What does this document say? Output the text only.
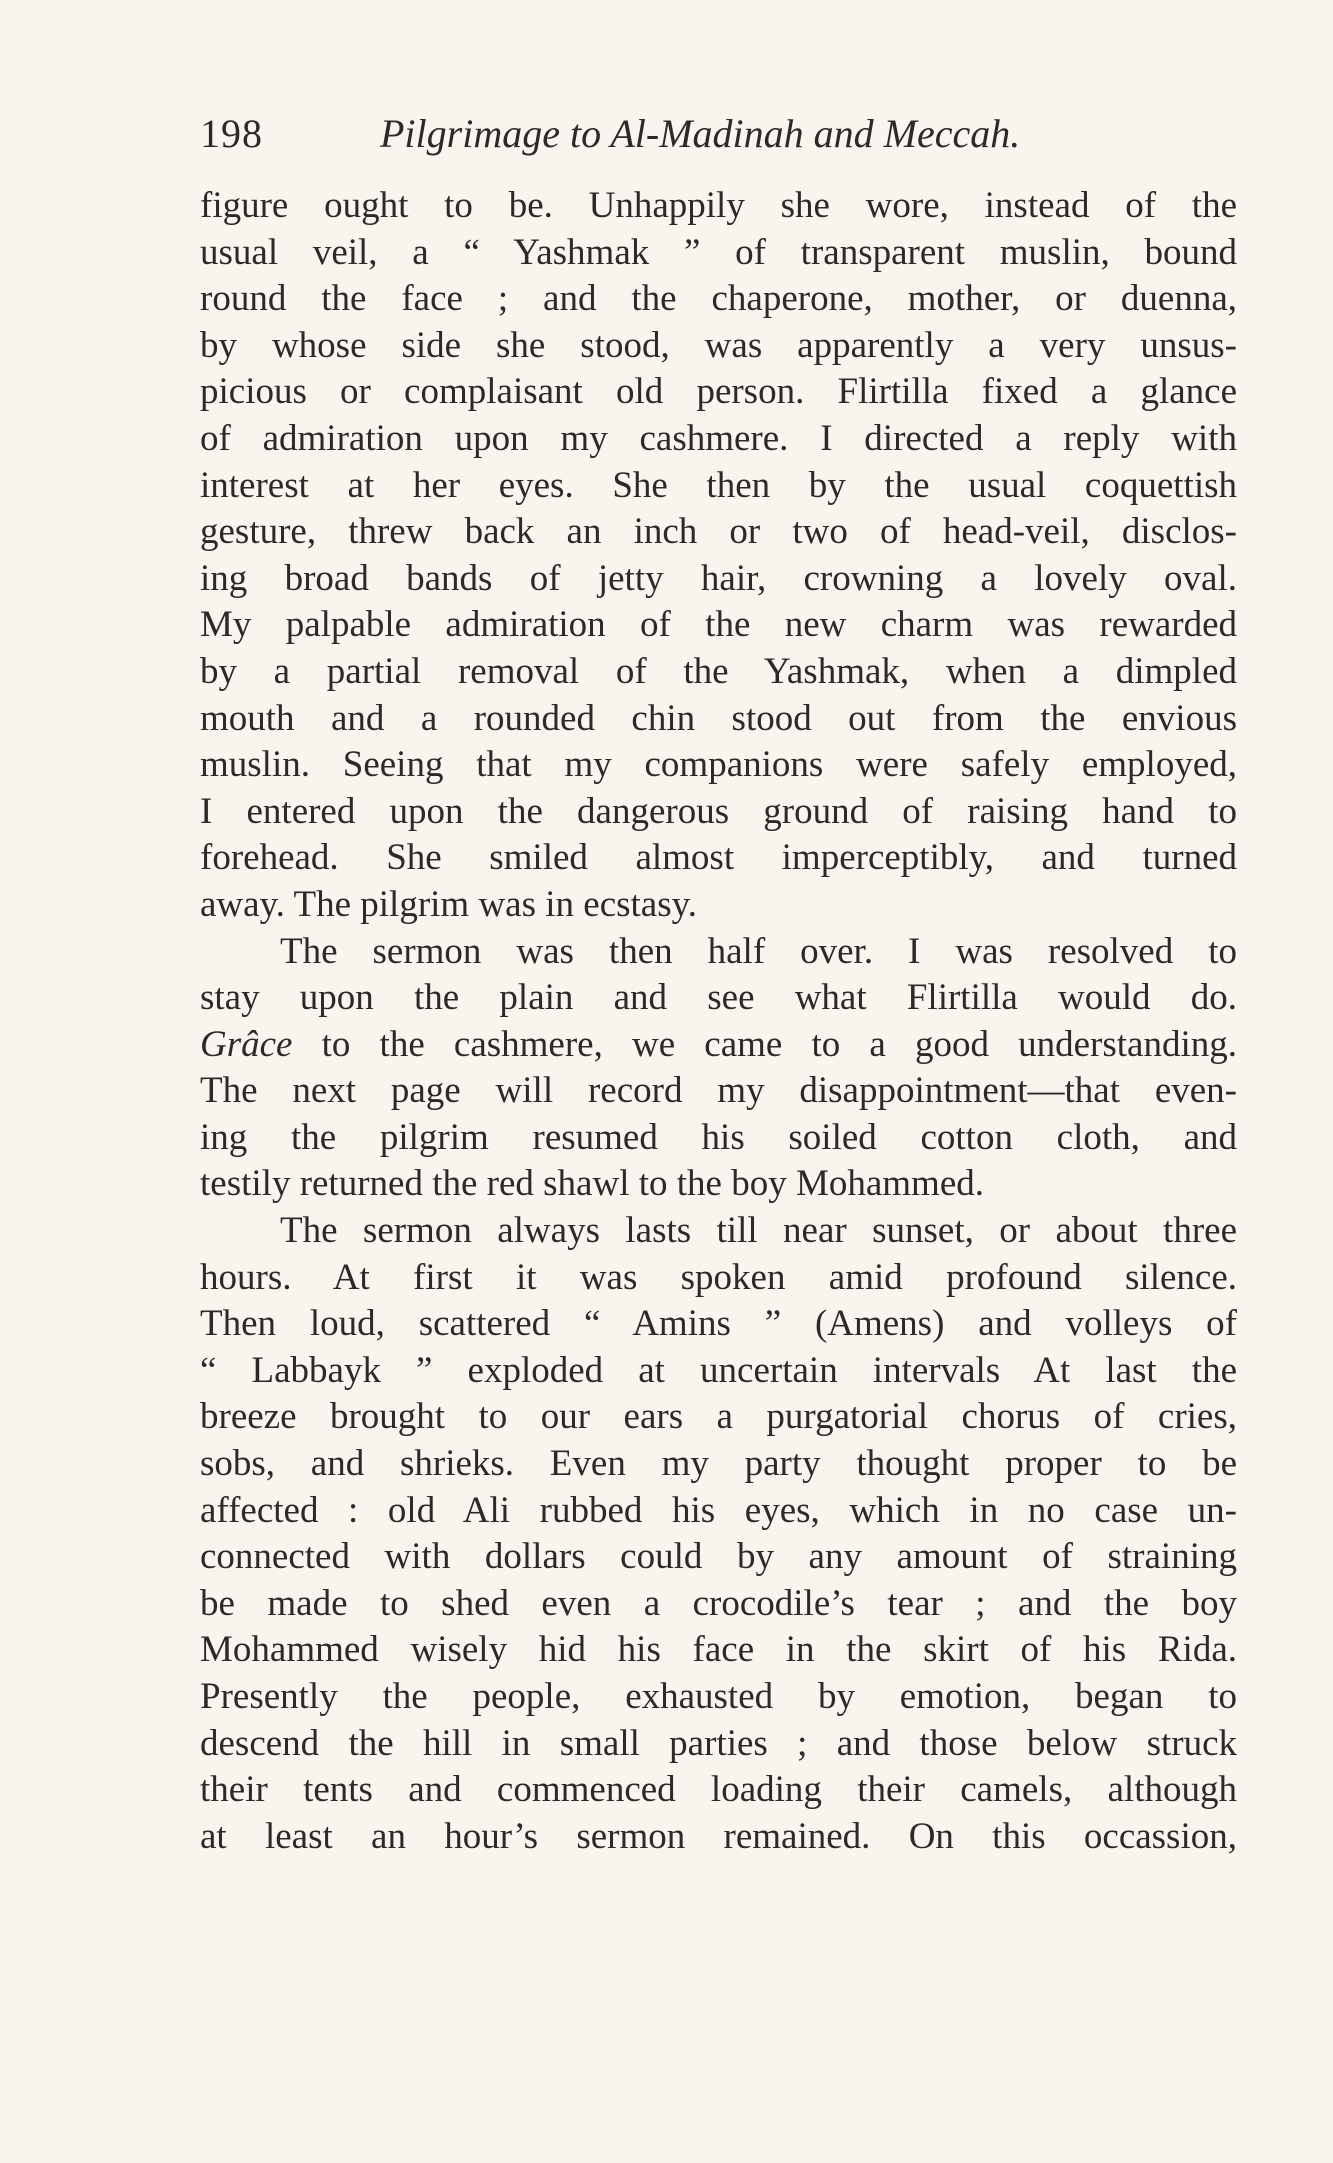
198	Pilgrimage to Al-Madinah and Meccah.
figure ought to be. Unhappily she wore, instead of the
usual veil, a “ Yashmak ” of transparent muslin, bound
round the face ; and the chaperone, mother, or duenna,
by whose side she stood, was apparently a very unsus-
picious or complaisant old person. Flirtilla fixed a glance
of admiration upon my cashmere. I directed a reply with
interest at her eyes. She then by the usual coquettish
gesture, threw back an inch or two of head-veil, disclos-
ing broad bands of jetty hair, crowning a lovely oval.
My palpable admiration of the new charm was rewarded
by a partial removal of the Yashmak, when a dimpled
mouth and a rounded chin stood out from the envious
muslin. Seeing that my companions were safely employed,
I entered upon the dangerous ground of raising hand to
forehead. She smiled almost imperceptibly, and turned
away. The pilgrim was in ecstasy.
The sermon was then half over. I was resolved to
stay upon the plain and see what Flirtilla would do.
Grâce to the cashmere, we came to a good understanding.
The next page will record my disappointment—that even-
ing the pilgrim resumed his soiled cotton cloth, and
testily returned the red shawl to the boy Mohammed.
The sermon always lasts till near sunset, or about three
hours. At first it was spoken amid profound silence.
Then loud, scattered “ Amins ” (Amens) and volleys of
“ Labbayk ” exploded at uncertain intervals At last the
breeze brought to our ears a purgatorial chorus of cries,
sobs, and shrieks. Even my party thought proper to be
affected : old Ali rubbed his eyes, which in no case un-
connected with dollars could by any amount of straining
be made to shed even a crocodile’s tear ; and the boy
Mohammed wisely hid his face in the skirt of his Rida.
Presently the people, exhausted by emotion, began to
descend the hill in small parties ; and those below struck
their tents and commenced loading their camels, although
at least an hour’s sermon remained. On this occassion,
